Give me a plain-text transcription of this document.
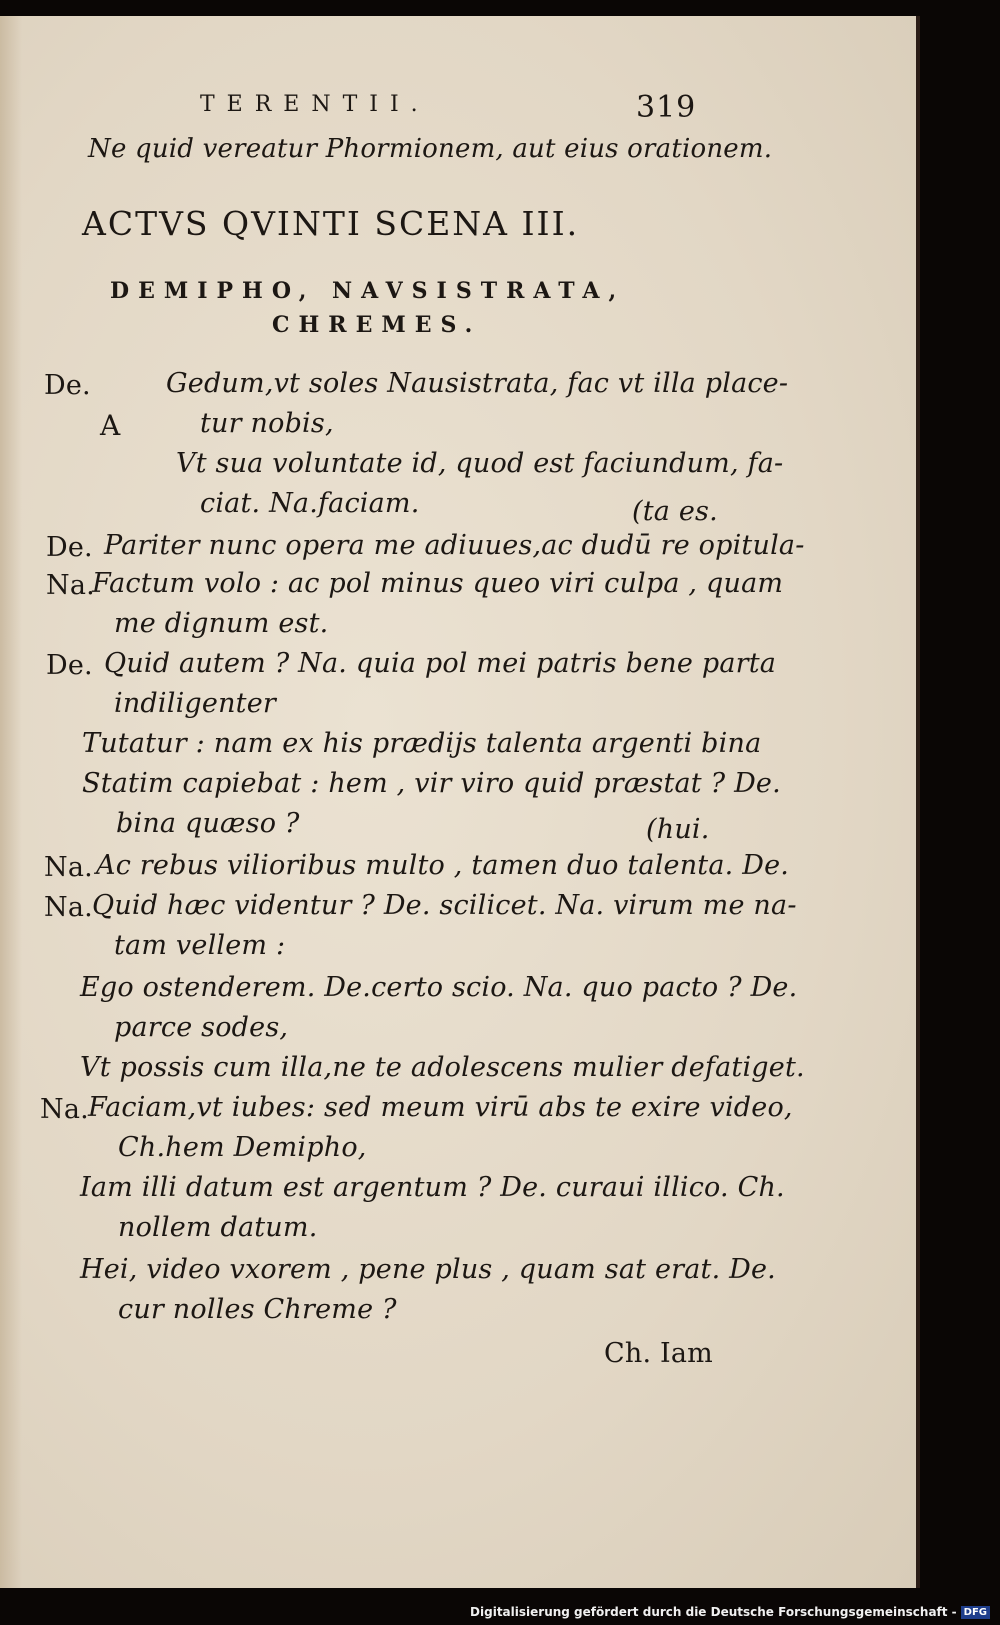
TERENTII.	319
Ne quid vereatur Phormionem, aut eius orationem.
ACTVS QVINTI SCENA III.
DEMIPHO, NAVSISTRATA,
CHREMES.
A
De.	Gedum,vt soles Nausistrata, fac vt illa place-
tur nobis,
Vt sua voluntate id, quod est faciundum, fa-
ciat. Na.faciam.	(ta es.
De. Pariter nunc opera me adiuues,ac dudū re opitula-
Na.
Factum volo : ac pol minus queo viri culpa , quam
me dignum est.
De. Quid autem ? Na. quia pol mei patris bene parta
indiligenter
Tutatur : nam ex his prædijs talenta argenti bina
Statim capiebat : hem , vir viro quid præstat ? De.
bina quæso ?	(hui.
Na. Ac rebus vilioribus multo , tamen duo talenta. De.
Na. Quid hæc videntur ? De. scilicet. Na. virum me na-
tam vellem :
Ego ostenderem. De.certo scio. Na. quo pacto ? De.
parce sodes,
Vt possis cum illa,ne te adolescens mulier defatiget.
Na. Faciam,vt iubes: sed meum virū abs te exire video,
Ch.hem Demipho,
Iam illi datum est argentum ? De. curaui illico. Ch.
nollem datum.
Hei, video vxorem , pene plus , quam sat erat. De.
cur nolles Chreme ?
Ch. Iam
Digitalisierung gefördert durch die Deutsche Forschungsgemeinschaft - DFG
